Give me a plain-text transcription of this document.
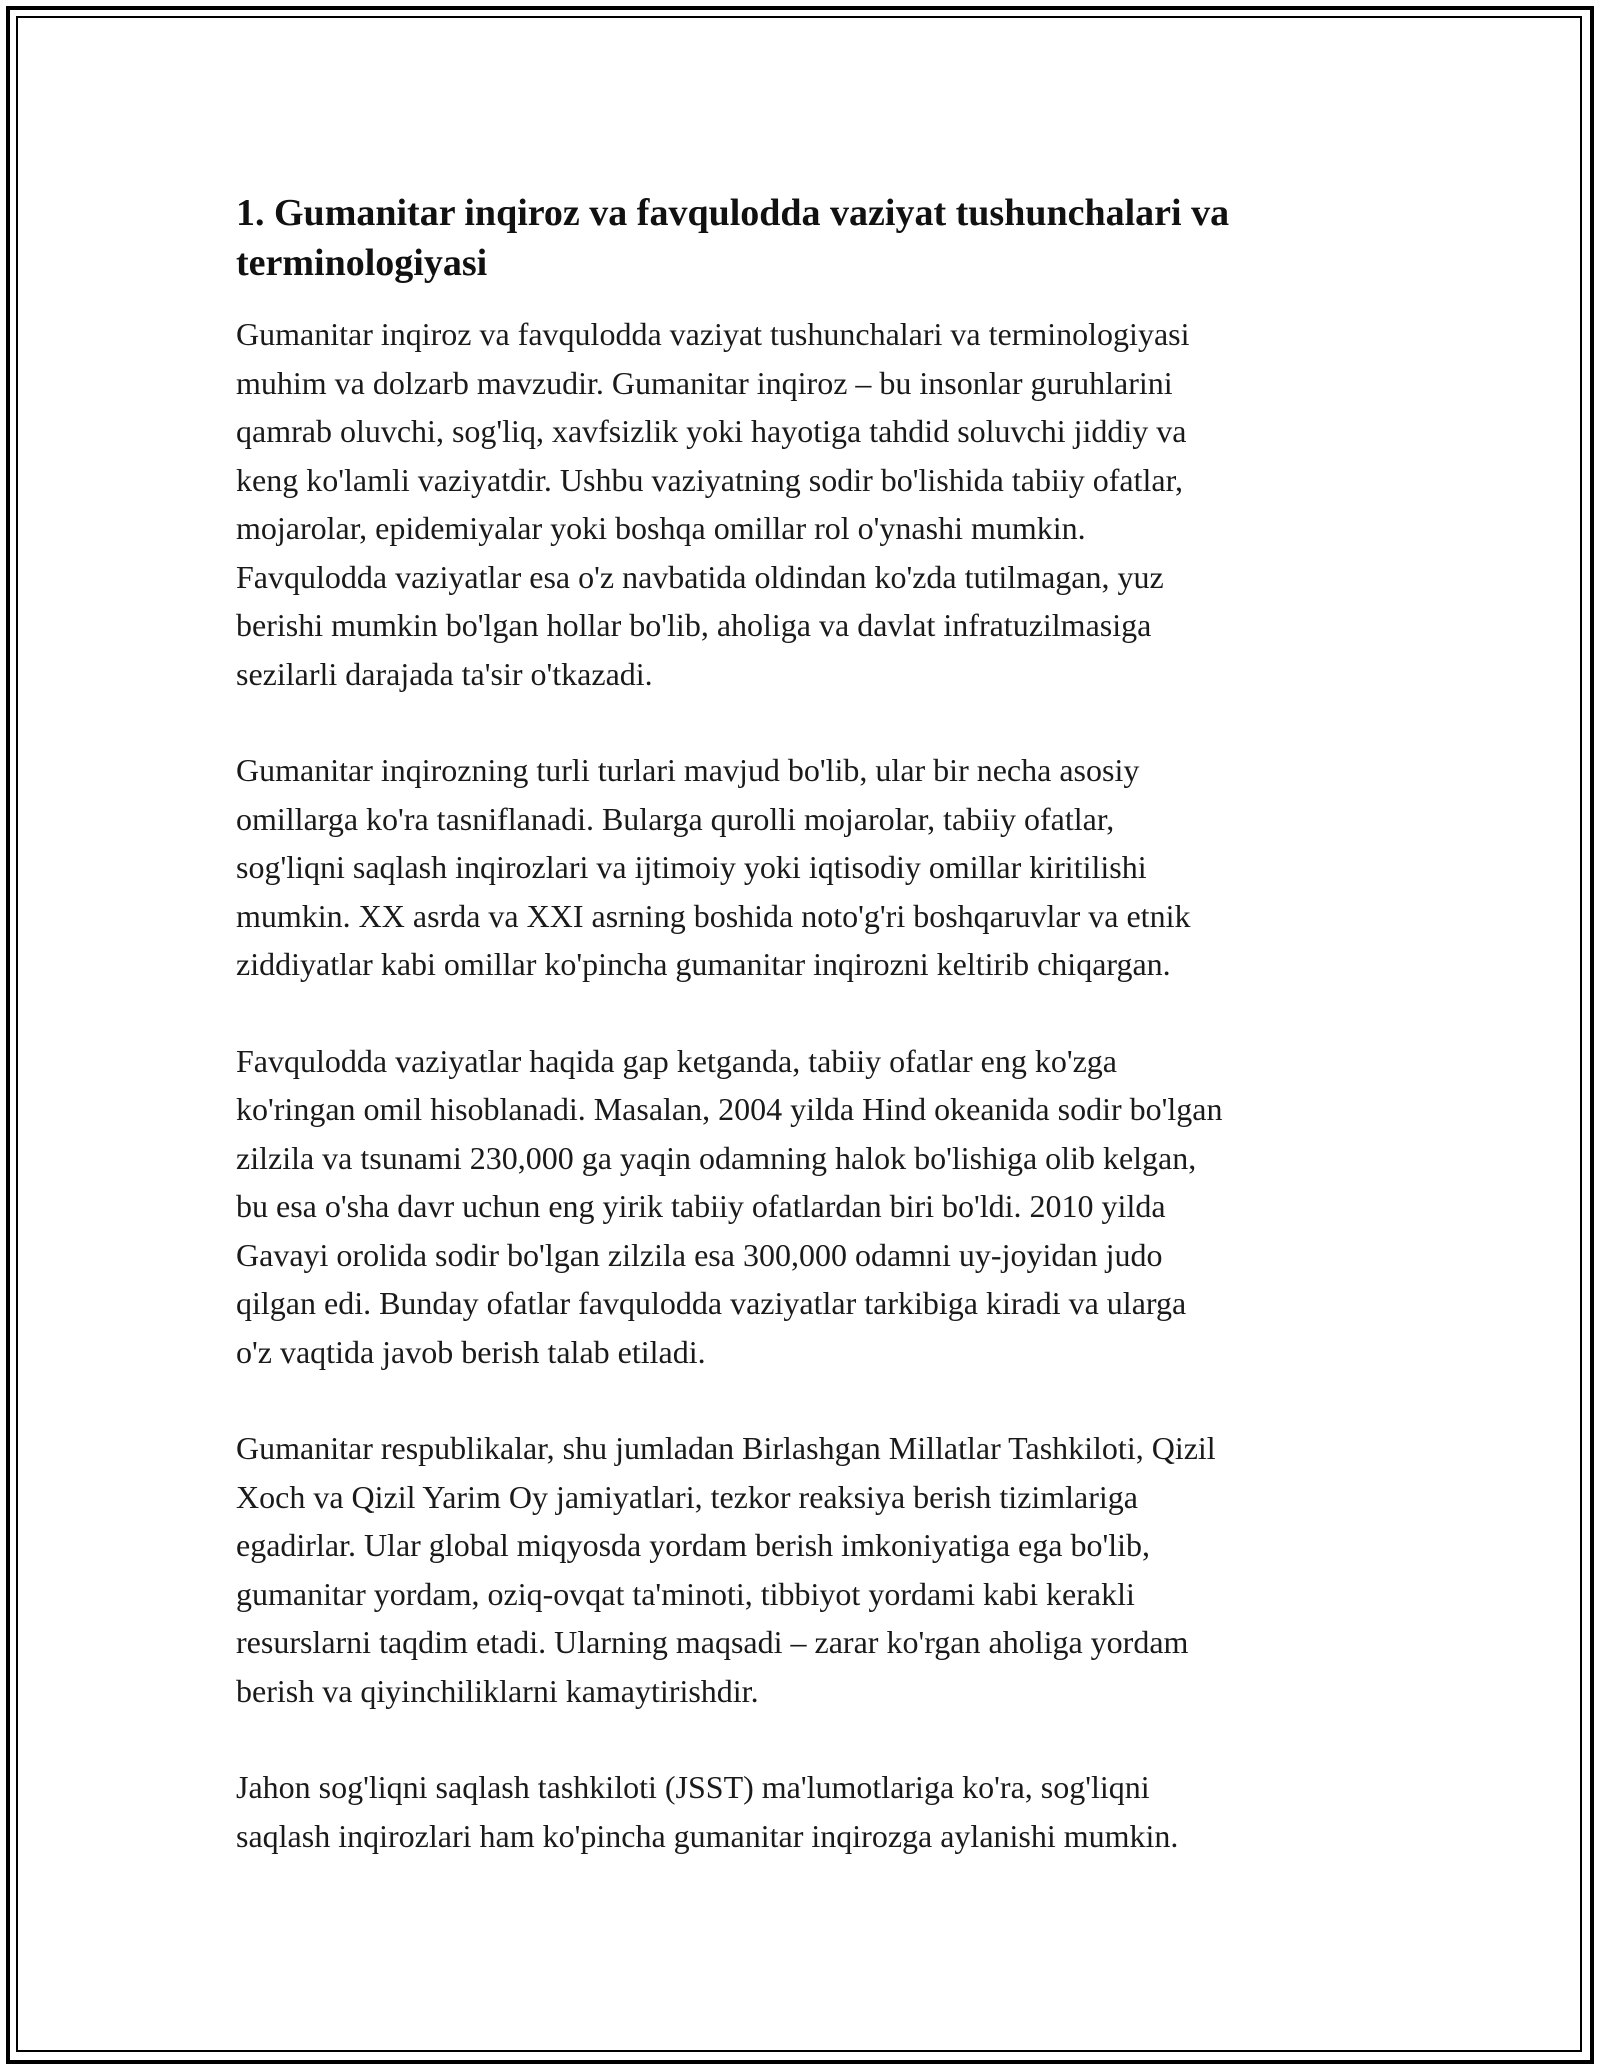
1. Gumanitar inqiroz va favqulodda vaziyat tushunchalari va
terminologiyasi

Gumanitar inqiroz va favqulodda vaziyat tushunchalari va terminologiyasi
muhim va dolzarb mavzudir. Gumanitar inqiroz – bu insonlar guruhlarini
qamrab oluvchi, sog'liq, xavfsizlik yoki hayotiga tahdid soluvchi jiddiy va
keng ko'lamli vaziyatdir. Ushbu vaziyatning sodir bo'lishida tabiiy ofatlar,
mojarolar, epidemiyalar yoki boshqa omillar rol o'ynashi mumkin.
Favqulodda vaziyatlar esa o'z navbatida oldindan ko'zda tutilmagan, yuz
berishi mumkin bo'lgan hollar bo'lib, aholiga va davlat infratuzilmasiga
sezilarli darajada ta'sir o'tkazadi.

Gumanitar inqirozning turli turlari mavjud bo'lib, ular bir necha asosiy
omillarga ko'ra tasniflanadi. Bularga qurolli mojarolar, tabiiy ofatlar,
sog'liqni saqlash inqirozlari va ijtimoiy yoki iqtisodiy omillar kiritilishi
mumkin. XX asrda va XXI asrning boshida noto'g'ri boshqaruvlar va etnik
ziddiyatlar kabi omillar ko'pincha gumanitar inqirozni keltirib chiqargan.

Favqulodda vaziyatlar haqida gap ketganda, tabiiy ofatlar eng ko'zga
ko'ringan omil hisoblanadi. Masalan, 2004 yilda Hind okeanida sodir bo'lgan
zilzila va tsunami 230,000 ga yaqin odamning halok bo'lishiga olib kelgan,
bu esa o'sha davr uchun eng yirik tabiiy ofatlardan biri bo'ldi. 2010 yilda
Gavayi orolida sodir bo'lgan zilzila esa 300,000 odamni uy-joyidan judo
qilgan edi. Bunday ofatlar favqulodda vaziyatlar tarkibiga kiradi va ularga
o'z vaqtida javob berish talab etiladi.

Gumanitar respublikalar, shu jumladan Birlashgan Millatlar Tashkiloti, Qizil
Xoch va Qizil Yarim Oy jamiyatlari, tezkor reaksiya berish tizimlariga
egadirlar. Ular global miqyosda yordam berish imkoniyatiga ega bo'lib,
gumanitar yordam, oziq-ovqat ta'minoti, tibbiyot yordami kabi kerakli
resurslarni taqdim etadi. Ularning maqsadi – zarar ko'rgan aholiga yordam
berish va qiyinchiliklarni kamaytirishdir.

Jahon sog'liqni saqlash tashkiloti (JSST) ma'lumotlariga ko'ra, sog'liqni
saqlash inqirozlari ham ko'pincha gumanitar inqirozga aylanishi mumkin.
